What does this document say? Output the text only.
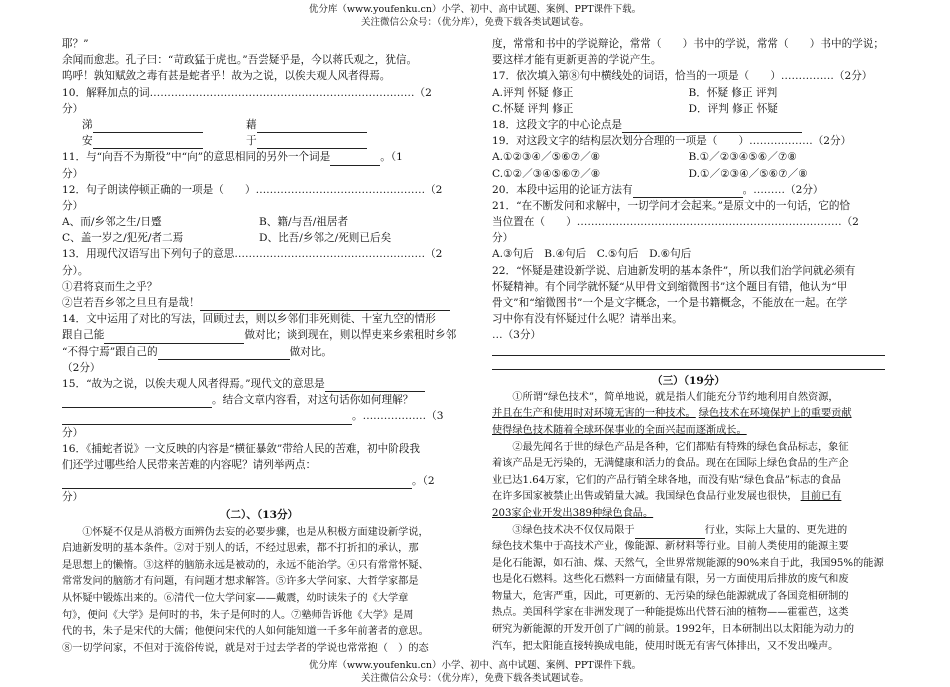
优分库（www.youfenku.cn）小学、初中、高中试题、案例、PPT课件下载。
关注微信公众号：（优分库），免费下载各类试题试卷。
耶？”
余闻而愈悲。孔子曰：“苛政猛于虎也。”吾尝疑乎是，今以蒋氏观之，犹信。
呜呼！孰知赋敛之毒有甚是蛇者乎！故为之说，以俟夫观人风者得焉。
10．解释加点的词…………………………………………………………………（2
分）
涕	藉
安	于
11．与“向吾不为斯役”中“向”的意思相同的另外一个词是	。（1
分）
12．句子朗读停顿正确的一项是（　　）…………………………………………（2
分）
A、而/乡邻之生/日蹙	B、籍/与吾/祖居者
C、盖一岁之/犯死/者二焉	D、比吾/乡邻之/死则已后矣
13．用现代汉语写出下列句子的意思………………………………………………（2
分）。
①君将哀而生之乎？
②岂若吾乡邻之旦旦有是哉！
14．文中运用了对比的写法，回顾过去，则以乡邻们非死则徙、十室九空的情形
跟自己能	做对比；谈到现在，则以悍吏来乡索租时乡邻
“不得宁焉”跟自己的	做对比。
（2分）
15．“故为之说，以俟夫观人风者得焉。”现代文的意思是
。结合文章内容看，对这句话你如何理解？
。………………（3
分）
16．《捕蛇者说》一文反映的内容是“横征暴敛”带给人民的苦难，初中阶段我
们还学过哪些给人民带来苦难的内容呢？请列举两点：
。（2
分）
（二）、（13分）
　　①怀疑不仅是从消极方面辨伪去妄的必要步骤，也是从积极方面建设新学说，
启迪新发明的基本条件。②对于别人的话，不经过思索，都不打折扣的承认，那
是思想上的懒惰。③这样的脑筋永远是被动的，永远不能治学。④只有常常怀疑、
常常发问的脑筋才有问题，有问题才想求解答。⑤许多大学问家、大哲学家都是
从怀疑中锻炼出来的。⑥清代一位大学问家——戴震，幼时读朱子的《大学章
句》，便问《大学》是何时的书，朱子是何时的人。⑦塾师告诉他《大学》是周
代的书，朱子是宋代的大儒；他便问宋代的人如何能知道一千多年前著者的意思。
⑧一切学问家，不但对于流俗传说，就是对于过去学者的学说也常常抱（　）的态
度，常常和书中的学说辩论，常常（　　）书中的学说，常常（　　）书中的学说；
要这样才能有更新更善的学说产生。
17．依次填入第⑧句中横线处的词语，恰当的一项是（　　）……………（2分）
A.评判 怀疑 修正	B．怀疑 修正 评判
C.怀疑 评判 修正	D．评判 修正 怀疑
18．这段文字的中心论点是
19．对这段文字的结构层次划分合理的一项是（　　）………………（2分）
A.①②③④／⑤⑥⑦／⑧	B.①／②③④⑤⑥／⑦⑧
C.①②／③④⑤⑥⑦／⑧	D.①／②③④／⑤⑥⑦／⑧
20．本段中运用的论证方法有	。………（2分）
21．“在不断发问和求解中，一切学问才会起来。”是原文中的一句话，它的恰
当位置在（　　）…………………………………………………………………（2
分）
A.③句后　B.④句后　C.⑤句后　D.⑥句后
22．“怀疑是建设新学说、启迪新发明的基本条件”，所以我们治学问就必须有
怀疑精神。有个同学就怀疑“从甲骨文到缩微图书”这个题目有错，他认为“甲
骨文”和“缩微图书”一个是文字概念，一个是书籍概念，不能放在一起。在学
习中你有没有怀疑过什么呢？请举出来。
…（3分）
（三）（19分）
　　①所谓“绿色技术”，简单地说，就是指人们能充分节约地利用自然资源，
并且在生产和使用时对环境无害的一种技术。 绿色技术在环境保护上的重要贡献
使得绿色技术随着全球环保事业的全面兴起而逐渐成长。
　　②最先闻名于世的绿色产品是各种，它们都贴有特殊的绿色食品标志，象征
着该产品是无污染的，无满健康和活力的食品。现在在国际上绿色食品的生产企
业已达1.64万家，它们的产品行销全球各地，而没有贴“绿色食品”标志的食品
在许多国家被禁止出售或销量大减。我国绿色食品行业发展也很快， 目前已有
203家企业开发出389种绿色食品。
　　③绿色技术决不仅仅局限于	行业，实际上大量的、更先进的
绿色技术集中于高技术产业，像能源、新材料等行业。目前人类使用的能源主要
是化石能源，如石油、煤、天然气，全世界常规能源的90%来自于此，我国95%的能源
也是化石燃料。这些化石燃料一方面储量有限，另一方面使用后排放的废气和废
物量大，危害严重，因此，可更新的、无污染的绿色能源就成了各国竞相研制的
热点。美国科学家在非洲发现了一种能提炼出代替石油的植物——霍霍芭，这类
研究为新能源的开发开创了广阔的前景。1992年，日本研制出以太阳能为动力的
汽车，把太阳能直接转换成电能，使用时既无有害气体排出，又不发出噪声。
优分库（www.youfenku.cn）小学、初中、高中试题、案例、PPT课件下载。
关注微信公众号：（优分库），免费下载各类试题试卷。
